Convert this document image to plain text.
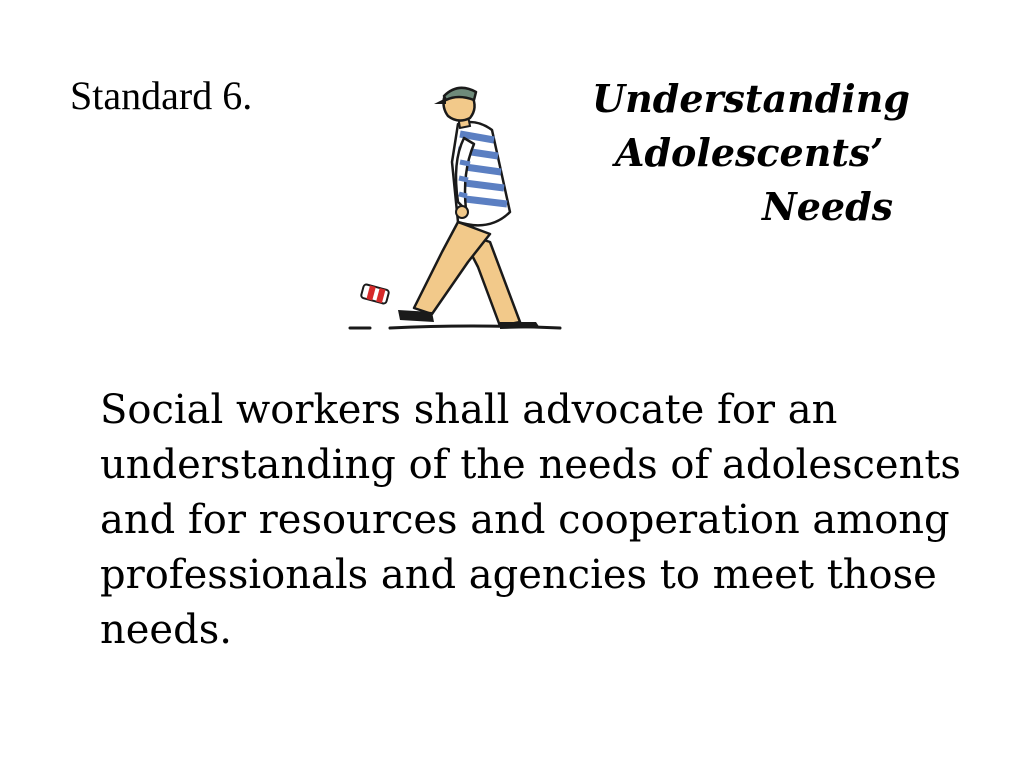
Standard 6.	Understanding
Adolescents’
Needs

Social workers shall advocate for an understanding of the needs of adolescents and for resources and cooperation among professionals and agencies to meet those needs.
